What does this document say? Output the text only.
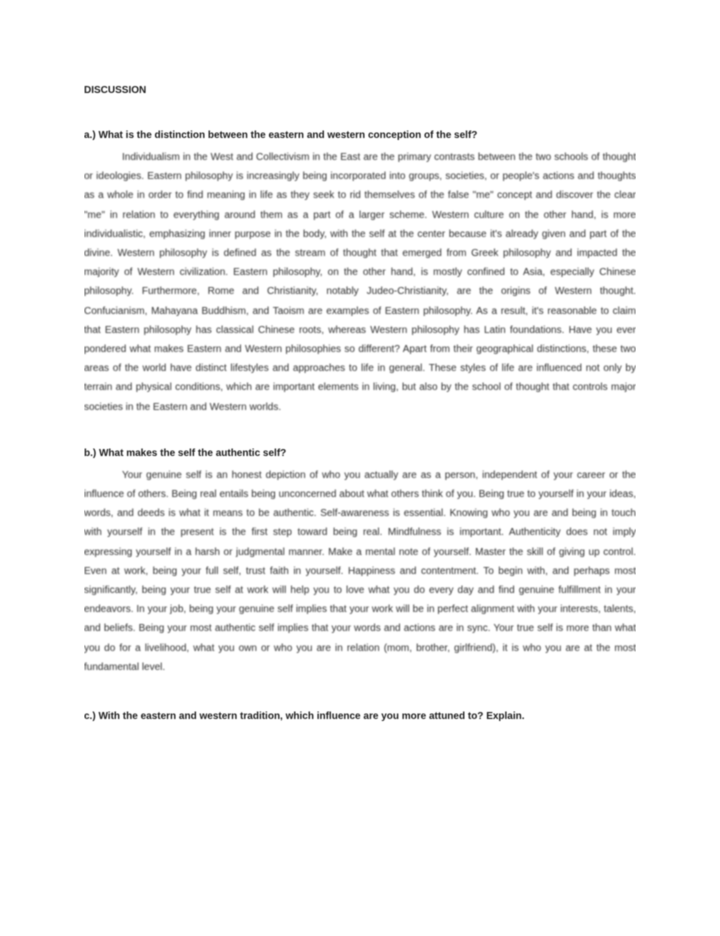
DISCUSSION
a.) What is the distinction between the eastern and western conception of the self?

Individualism in the West and Collectivism in the East are the primary contrasts between the two schools of thought or ideologies. Eastern philosophy is increasingly being incorporated into groups, societies, or people's actions and thoughts as a whole in order to find meaning in life as they seek to rid themselves of the false "me" concept and discover the clear "me" in relation to everything around them as a part of a larger scheme. Western culture on the other hand, is more individualistic, emphasizing inner purpose in the body, with the self at the center because it's already given and part of the divine. Western philosophy is defined as the stream of thought that emerged from Greek philosophy and impacted the majority of Western civilization. Eastern philosophy, on the other hand, is mostly confined to Asia, especially Chinese philosophy. Furthermore, Rome and Christianity, notably Judeo-Christianity, are the origins of Western thought. Confucianism, Mahayana Buddhism, and Taoism are examples of Eastern philosophy. As a result, it's reasonable to claim that Eastern philosophy has classical Chinese roots, whereas Western philosophy has Latin foundations. Have you ever pondered what makes Eastern and Western philosophies so different? Apart from their geographical distinctions, these two areas of the world have distinct lifestyles and approaches to life in general. These styles of life are influenced not only by terrain and physical conditions, which are important elements in living, but also by the school of thought that controls major societies in the Eastern and Western worlds.

b.) What makes the self the authentic self?

Your genuine self is an honest depiction of who you actually are as a person, independent of your career or the influence of others. Being real entails being unconcerned about what others think of you. Being true to yourself in your ideas, words, and deeds is what it means to be authentic. Self-awareness is essential. Knowing who you are and being in touch with yourself in the present is the first step toward being real. Mindfulness is important. Authenticity does not imply expressing yourself in a harsh or judgmental manner. Make a mental note of yourself. Master the skill of giving up control. Even at work, being your full self, trust faith in yourself. Happiness and contentment. To begin with, and perhaps most significantly, being your true self at work will help you to love what you do every day and find genuine fulfillment in your endeavors. In your job, being your genuine self implies that your work will be in perfect alignment with your interests, talents, and beliefs. Being your most authentic self implies that your words and actions are in sync. Your true self is more than what you do for a livelihood, what you own or who you are in relation (mom, brother, girlfriend), it is who you are at the most fundamental level.

c.) With the eastern and western tradition, which influence are you more attuned to? Explain.
